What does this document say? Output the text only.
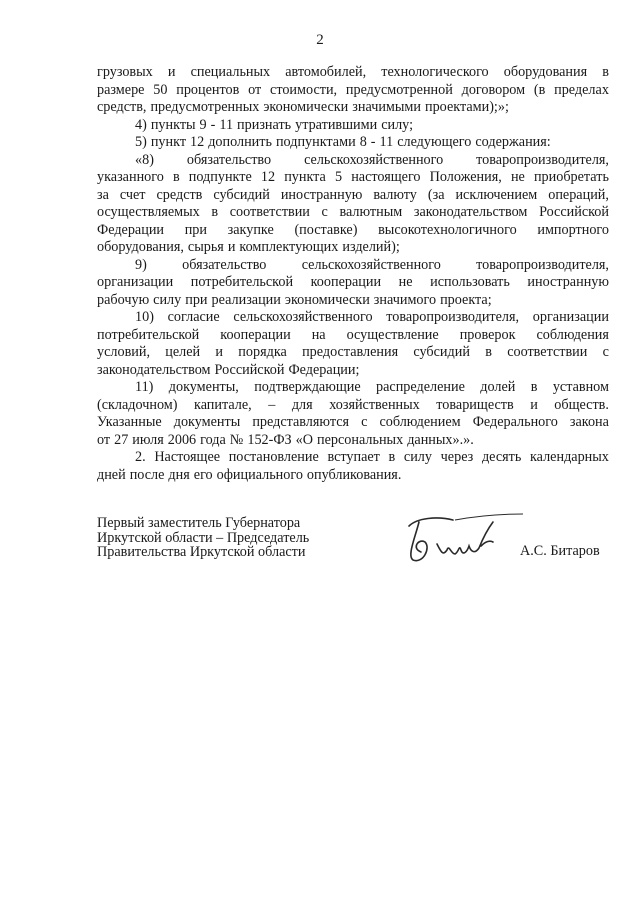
2
грузовых и специальных автомобилей, технологического оборудования в
размере 50 процентов от стоимости, предусмотренной договором (в пределах
средств, предусмотренных экономически значимыми проектами);»;
4) пункты 9 - 11 признать утратившими силу;
5) пункт 12 дополнить подпунктами 8 - 11 следующего содержания:
«8) обязательство сельскохозяйственного товаропроизводителя,
указанного в подпункте 12 пункта 5 настоящего Положения, не приобретать
за счет средств субсидий иностранную валюту (за исключением операций,
осуществляемых в соответствии с валютным законодательством Российской
Федерации при закупке (поставке) высокотехнологичного импортного
оборудования, сырья и комплектующих изделий);
9) обязательство сельскохозяйственного товаропроизводителя,
организации потребительской кооперации не использовать иностранную
рабочую силу при реализации экономически значимого проекта;
10) согласие сельскохозяйственного товаропроизводителя, организации
потребительской кооперации на осуществление проверок соблюдения
условий, целей и порядка предоставления субсидий в соответствии с
законодательством Российской Федерации;
11) документы, подтверждающие распределение долей в уставном
(складочном) капитале, – для хозяйственных товариществ и обществ.
Указанные документы представляются с соблюдением Федерального закона
от 27 июля 2006 года № 152-ФЗ «О персональных данных».».
2. Настоящее постановление вступает в силу через десять календарных
дней после дня его официального опубликования.
Первый заместитель Губернатора
Иркутской области – Председатель
Правительства Иркутской области	А.С. Битаров
